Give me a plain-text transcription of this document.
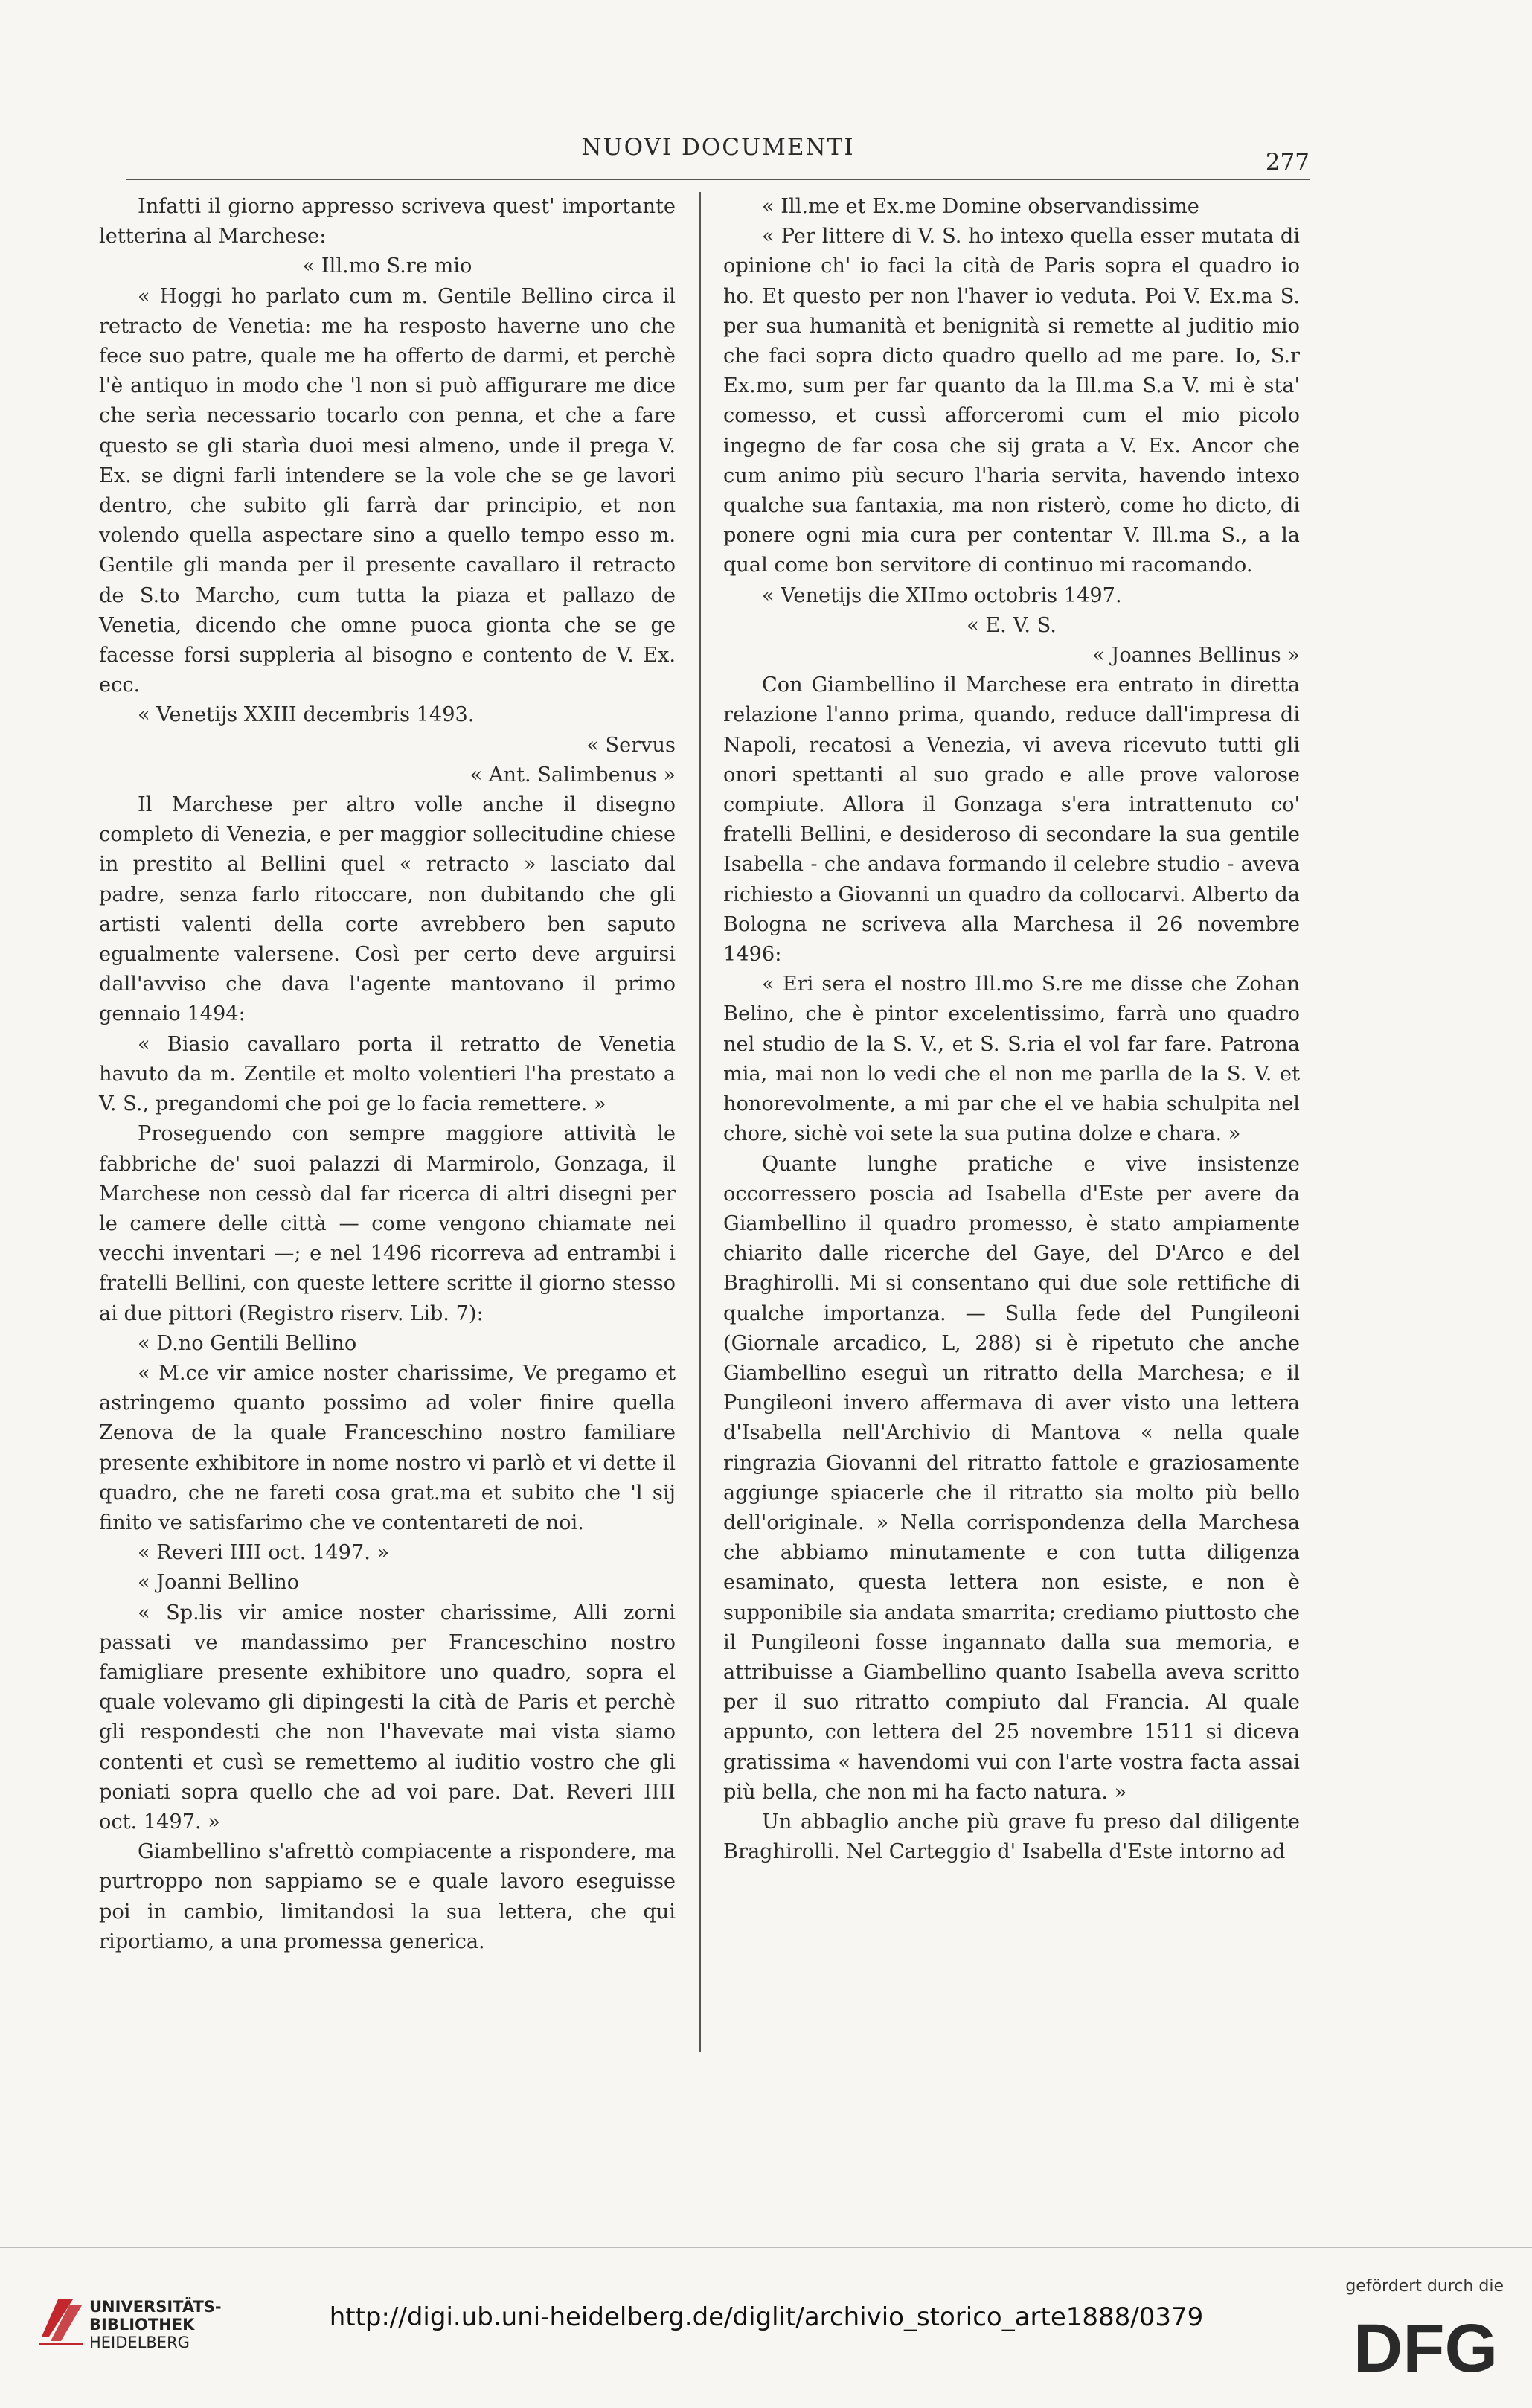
NUOVI DOCUMENTI
277

Infatti il giorno appresso scriveva quest' importante letterina al Marchese:

« Ill.mo S.re mio

« Hoggi ho parlato cum m. Gentile Bellino circa il retracto de Venetia: me ha resposto haverne uno che fece suo patre, quale me ha offerto de darmi, et perchè l'è antiquo in modo che 'l non si può affigurare me dice che serìa necessario tocarlo con penna, et che a fare questo se gli starìa duoi mesi almeno, unde il prega V. Ex. se digni farli intendere se la vole che se ge lavori dentro, che subito gli farrà dar principio, et non volendo quella aspectare sino a quello tempo esso m. Gentile gli manda per il presente cavallaro il retracto de S.to Marcho, cum tutta la piaza et pallazo de Venetia, dicendo che omne puoca gionta che se ge facesse forsi suppleria al bisogno e contento de V. Ex. ecc.

« Venetijs XXIII decembris 1493.

« Servus

« Ant. Salimbenus »

Il Marchese per altro volle anche il disegno completo di Venezia, e per maggior sollecitudine chiese in prestito al Bellini quel « retracto » lasciato dal padre, senza farlo ritoccare, non dubitando che gli artisti valenti della corte avrebbero ben saputo egualmente valersene. Così per certo deve arguirsi dall'avviso che dava l'agente mantovano il primo gennaio 1494:

« Biasio cavallaro porta il retratto de Venetia havuto da m. Zentile et molto volentieri l'ha prestato a V. S., pregandomi che poi ge lo facia remettere. »

Proseguendo con sempre maggiore attività le fabbriche de' suoi palazzi di Marmirolo, Gonzaga, il Marchese non cessò dal far ricerca di altri disegni per le camere delle città — come vengono chiamate nei vecchi inventari —; e nel 1496 ricorreva ad entrambi i fratelli Bellini, con queste lettere scritte il giorno stesso ai due pittori (Registro riserv. Lib. 7):

« D.no Gentili Bellino

« M.ce vir amice noster charissime, Ve pregamo et astringemo quanto possimo ad voler finire quella Zenova de la quale Franceschino nostro familiare presente exhibitore in nome nostro vi parlò et vi dette il quadro, che ne fareti cosa grat.ma et subito che 'l sij finito ve satisfarimo che ve contentareti de noi.

« Reveri IIII oct. 1497. »

« Joanni Bellino

« Sp.lis vir amice noster charissime, Alli zorni passati ve mandassimo per Franceschino nostro famigliare presente exhibitore uno quadro, sopra el quale volevamo gli dipingesti la cità de Paris et perchè gli respondesti che non l'havevate mai vista siamo contenti et cusì se remettemo al iuditio vostro che gli poniati sopra quello che ad voi pare. Dat. Reveri IIII oct. 1497. »

Giambellino s'afrettò compiacente a rispondere, ma purtroppo non sappiamo se e quale lavoro eseguisse poi in cambio, limitandosi la sua lettera, che qui riportiamo, a una promessa generica.

« Ill.me et Ex.me Domine observandissime

« Per littere di V. S. ho intexo quella esser mutata di opinione ch' io faci la cità de Paris sopra el quadro io ho. Et questo per non l'haver io veduta. Poi V. Ex.ma S. per sua humanità et benignità si remette al juditio mio che faci sopra dicto quadro quello ad me pare. Io, S.r Ex.mo, sum per far quanto da la Ill.ma S.a V. mi è sta' comesso, et cussì afforceromi cum el mio picolo ingegno de far cosa che sij grata a V. Ex. Ancor che cum animo più securo l'haria servita, havendo intexo qualche sua fantaxia, ma non risterò, come ho dicto, di ponere ogni mia cura per contentar V. Ill.ma S., a la qual come bon servitore di continuo mi racomando.

« Venetijs die XIImo octobris 1497.

« E. V. S.

« Joannes Bellinus »

Con Giambellino il Marchese era entrato in diretta relazione l'anno prima, quando, reduce dall'impresa di Napoli, recatosi a Venezia, vi aveva ricevuto tutti gli onori spettanti al suo grado e alle prove valorose compiute. Allora il Gonzaga s'era intrattenuto co' fratelli Bellini, e desideroso di secondare la sua gentile Isabella - che andava formando il celebre studio - aveva richiesto a Giovanni un quadro da collocarvi. Alberto da Bologna ne scriveva alla Marchesa il 26 novembre 1496:

« Eri sera el nostro Ill.mo S.re me disse che Zohan Belino, che è pintor excelentissimo, farrà uno quadro nel studio de la S. V., et S. S.ria el vol far fare. Patrona mia, mai non lo vedi che el non me parlla de la S. V. et honorevolmente, a mi par che el ve habia schulpita nel chore, sichè voi sete la sua putina dolze e chara. »

Quante lunghe pratiche e vive insistenze occorressero poscia ad Isabella d'Este per avere da Giambellino il quadro promesso, è stato ampiamente chiarito dalle ricerche del Gaye, del D'Arco e del Braghirolli. Mi si consentano qui due sole rettifiche di qualche importanza. — Sulla fede del Pungileoni (Giornale arcadico, L, 288) si è ripetuto che anche Giambellino eseguì un ritratto della Marchesa; e il Pungileoni invero affermava di aver visto una lettera d'Isabella nell'Archivio di Mantova « nella quale ringrazia Giovanni del ritratto fattole e graziosamente aggiunge spiacerle che il ritratto sia molto più bello dell'originale. » Nella corrispondenza della Marchesa che abbiamo minutamente e con tutta diligenza esaminato, questa lettera non esiste, e non è supponibile sia andata smarrita; crediamo piuttosto che il Pungileoni fosse ingannato dalla sua memoria, e attribuisse a Giambellino quanto Isabella aveva scritto per il suo ritratto compiuto dal Francia. Al quale appunto, con lettera del 25 novembre 1511 si diceva gratissima « havendomi vui con l'arte vostra facta assai più bella, che non mi ha facto natura. »

Un abbaglio anche più grave fu preso dal diligente Braghirolli. Nel Carteggio d' Isabella d'Este intorno ad

UNIVERSITÄTS-
BIBLIOTHEK
HEIDELBERG
http://digi.ub.uni-heidelberg.de/diglit/archivio_storico_arte1888/0379
gefördert durch die
DFG
